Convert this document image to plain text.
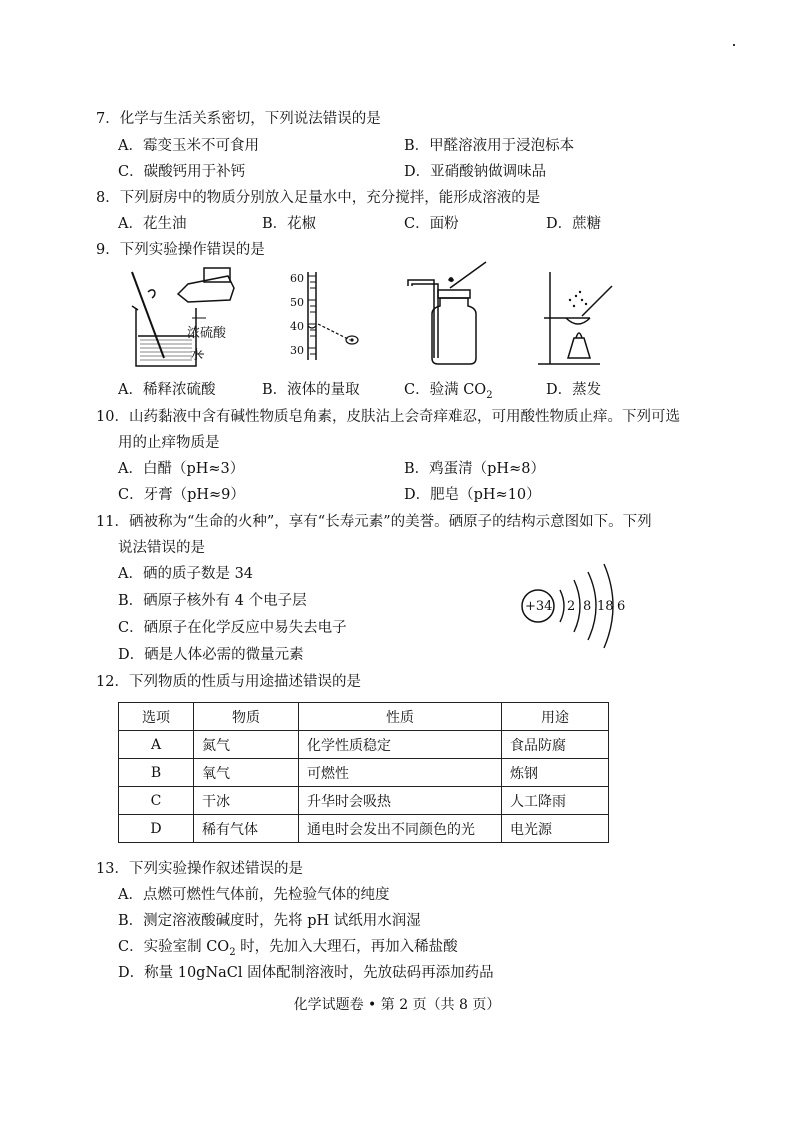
7．化学与生活关系密切，下列说法错误的是
A．霉变玉米不可食用	B．甲醛溶液用于浸泡标本
C．碳酸钙用于补钙	D．亚硝酸钠做调味品
8．下列厨房中的物质分别放入足量水中，充分搅拌，能形成溶液的是
A．花生油	B．花椒	C．面粉	D．蔗糖
9．下列实验操作错误的是
浓硫酸
水
60
50
40
30
A．稀释浓硫酸	B．液体的量取	C．验满 $CO_2$	D．蒸发
10．山药黏液中含有碱性物质皂角素，皮肤沾上会奇痒难忍，可用酸性物质止痒。下列可选
用的止痒物质是
A．白醋（pH≈3）	B．鸡蛋清（pH≈8）
C．牙膏（pH≈9）	D．肥皂（pH≈10）
11．硒被称为“生命的火种”，享有“长寿元素”的美誉。硒原子的结构示意图如下。下列
说法错误的是
A．硒的质子数是 34
B．硒原子核外有 4 个电子层
C．硒原子在化学反应中易失去电子
D．硒是人体必需的微量元素
+34 2 8 18 6
12．下列物质的性质与用途描述错误的是
选项	物质	性质	用途
A	氮气	化学性质稳定	食品防腐
B	氧气	可燃性	炼钢
C	干冰	升华时会吸热	人工降雨
D	稀有气体	通电时会发出不同颜色的光	电光源
13．下列实验操作叙述错误的是
A．点燃可燃性气体前，先检验气体的纯度
B．测定溶液酸碱度时，先将 pH 试纸用水润湿
C．实验室制 $CO_2$ 时，先加入大理石，再加入稀盐酸
D．称量 10gNaCl 固体配制溶液时，先放砝码再添加药品
化学试题卷 • 第 2 页（共 8 页）
